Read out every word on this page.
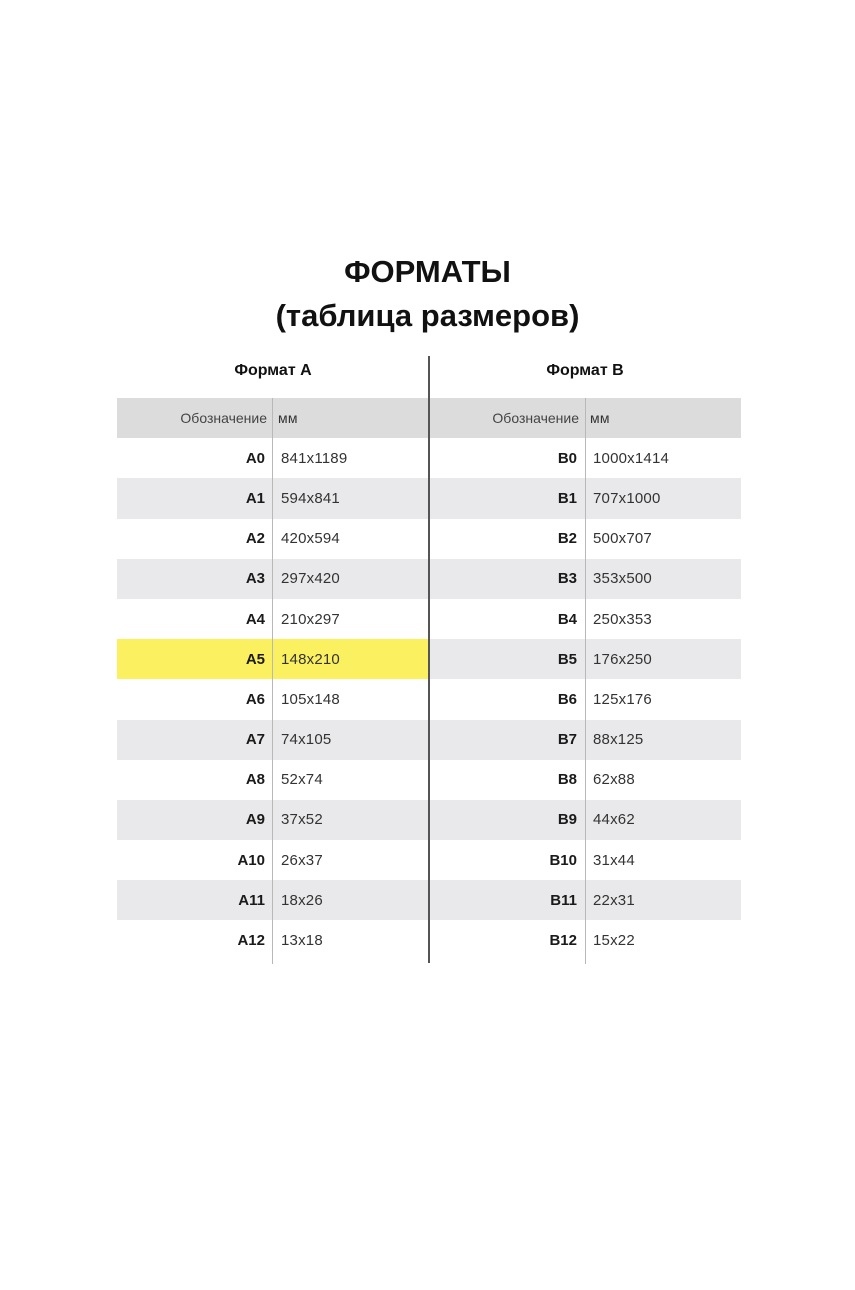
ФОРМАТЫ
(таблица размеров)
Формат А
Обозначение мм
A0	841x1189
A1	594x841
A2	420x594
A3	297x420
A4	210x297
A5	148x210
A6	105x148
A7	74x105
A8	52x74
A9	37x52
A10	26x37
A11	18x26
A12	13x18
Формат В
Обозначение мм
B0	1000x1414
B1	707x1000
B2	500x707
B3	353x500
B4	250x353
B5	176x250
B6	125x176
B7	88x125
B8	62x88
B9	44x62
B10	31x44
B11	22x31
B12	15x22
